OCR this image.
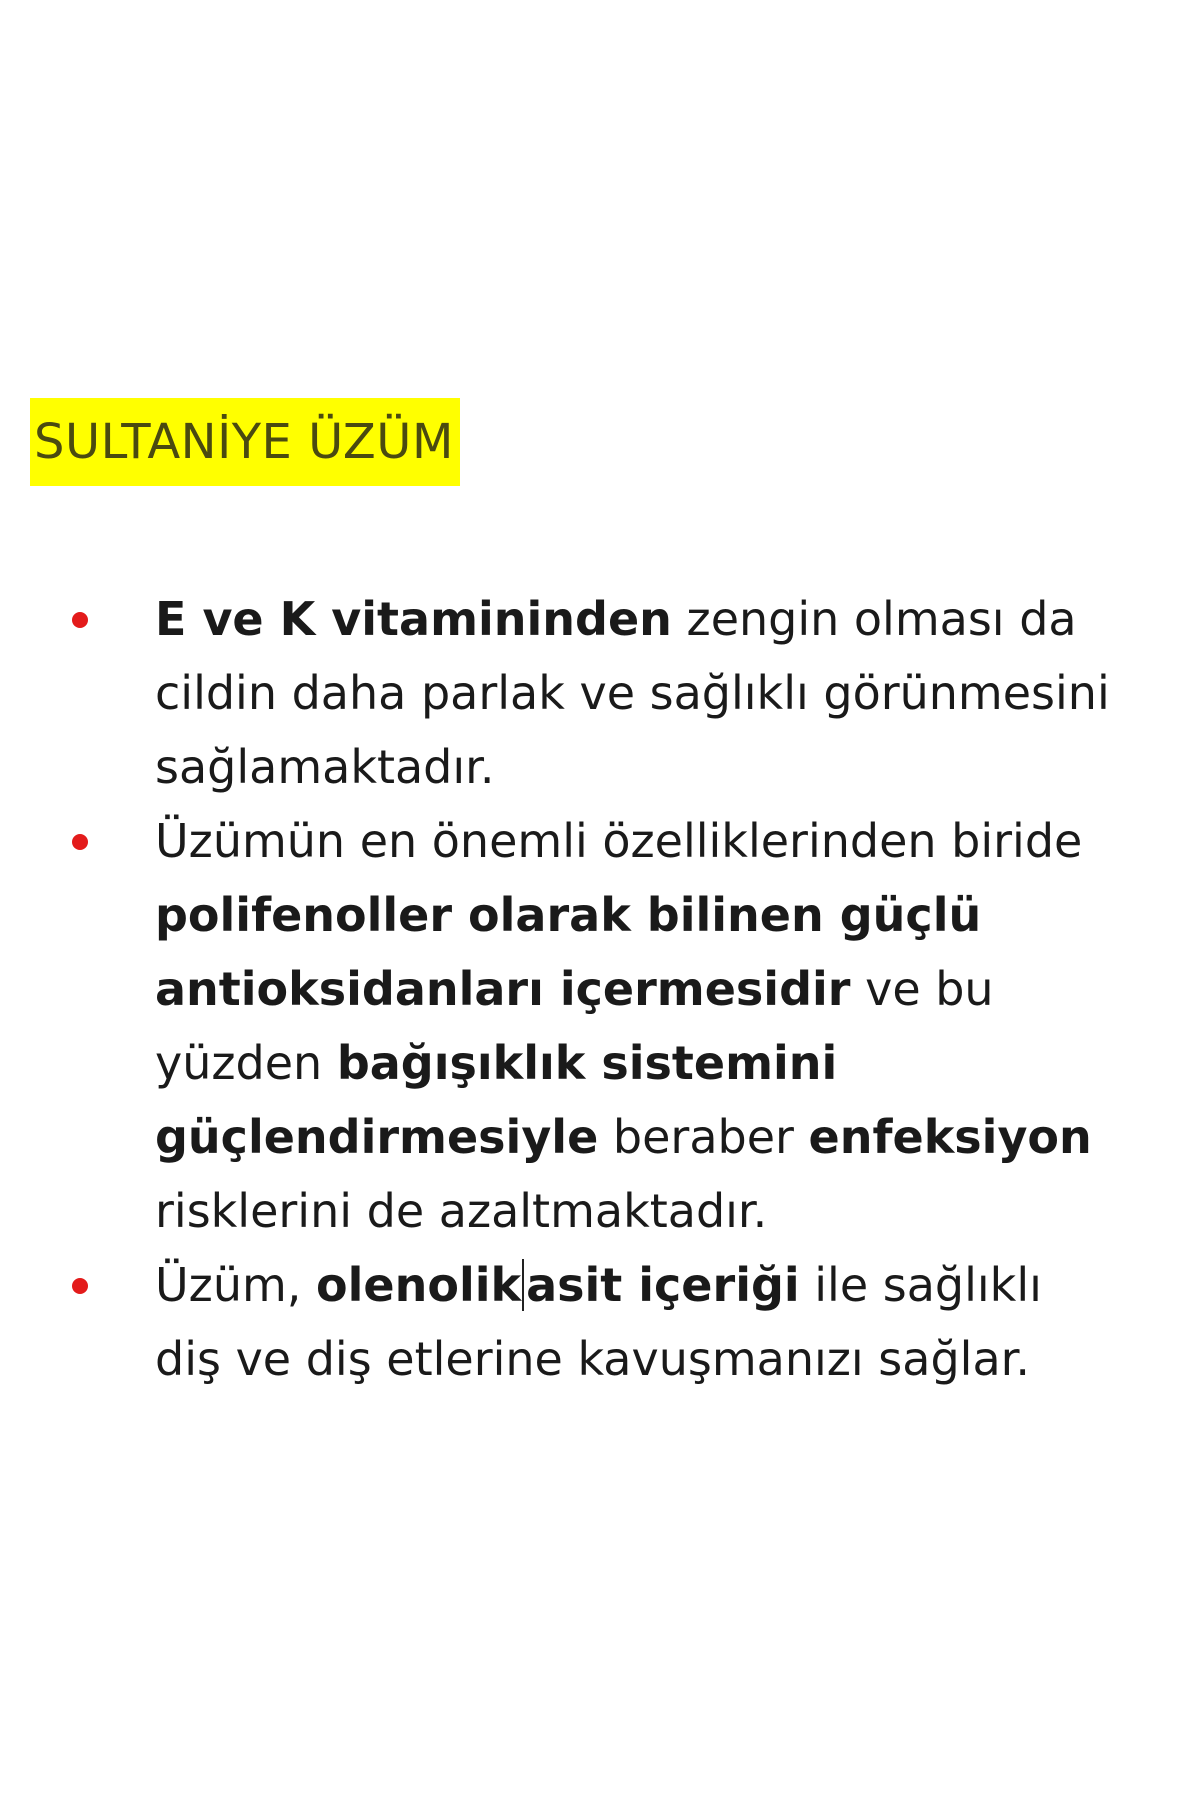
SULTANİYE ÜZÜM
E ve K vitamininden zengin olması da
cildin daha parlak ve sağlıklı görünmesini
sağlamaktadır.
Üzümün en önemli özelliklerinden biride
polifenoller olarak bilinen güçlü
antioksidanları içermesidir ve bu
yüzden bağışıklık sistemini
güçlendirmesiyle beraber enfeksiyon
risklerini de azaltmaktadır.
Üzüm, olenolik asit içeriği ile sağlıklı
diş ve diş etlerine kavuşmanızı sağlar.
